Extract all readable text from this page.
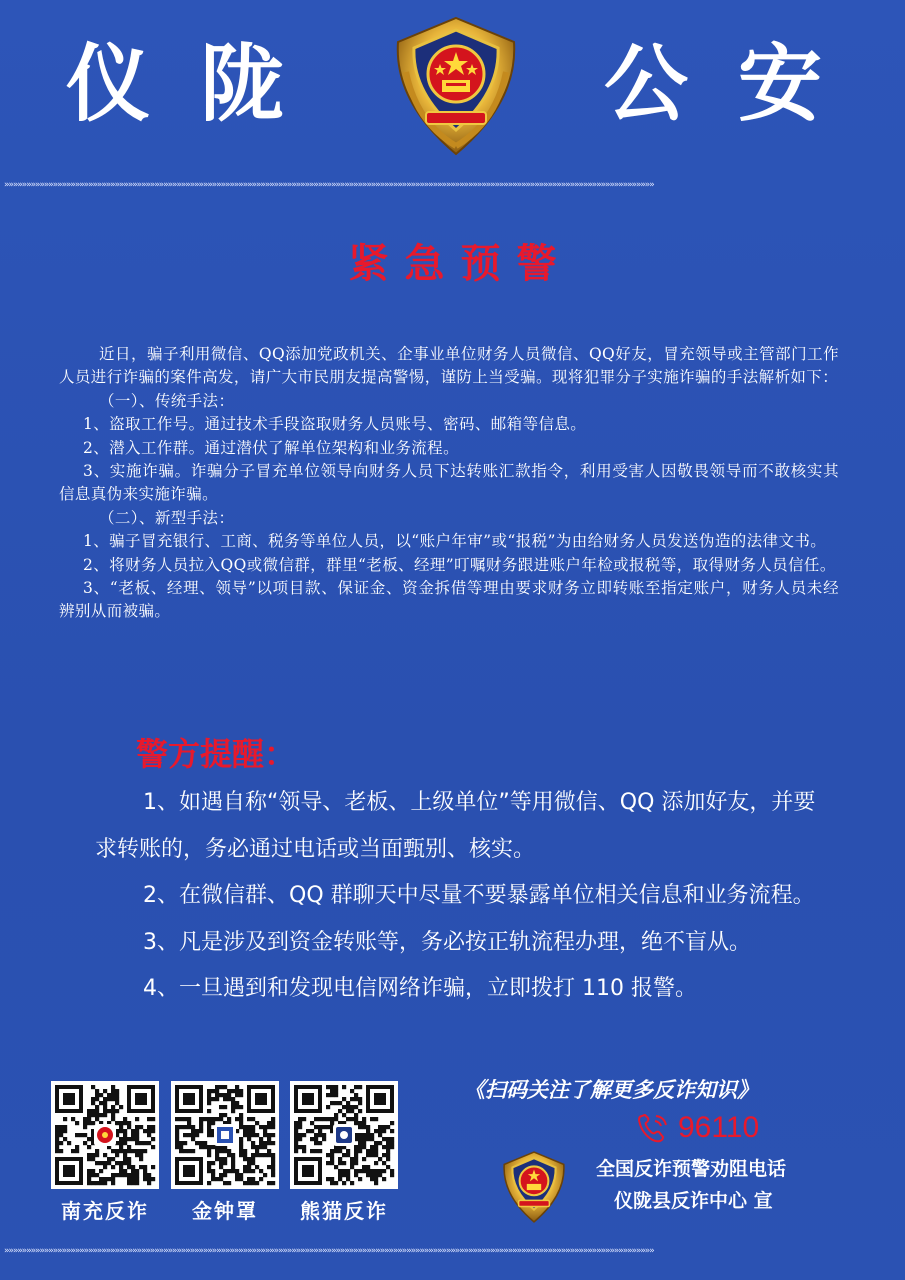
仪 陇	公 安
»»»»»»»»»»»»»»»»»»»»»»»»»»»»»»»»»»»»»»»»»»»»»»»»»»»»»»»»»»»»»»»»»»»»»»»»»»»»»»»»»»»»»»»»»»»»»»»»»»»»»»»»»»»»»»»»»»»»»»»»»»»»»»»»»»»»»»»»»»»»»»»»»»»
紧急预警

近日，骗子利用微信、QQ添加党政机关、企事业单位财务人员微信、QQ好友，冒充领导或主管部门工作人员进行诈骗的案件高发，请广大市民朋友提高警惕，谨防上当受骗。现将犯罪分子实施诈骗的手法解析如下：

（一）、传统手法：

1、盗取工作号。通过技术手段盗取财务人员账号、密码、邮箱等信息。

2、潜入工作群。通过潜伏了解单位架构和业务流程。

3、实施诈骗。诈骗分子冒充单位领导向财务人员下达转账汇款指令，利用受害人因敬畏领导而不敢核实其信息真伪来实施诈骗。

（二）、新型手法：

1、骗子冒充银行、工商、税务等单位人员，以“账户年审”或“报税”为由给财务人员发送伪造的法律文书。

2、将财务人员拉入QQ或微信群，群里“老板、经理”叮嘱财务跟进账户年检或报税等，取得财务人员信任。

3、“老板、经理、领导”以项目款、保证金、资金拆借等理由要求财务立即转账至指定账户，财务人员未经辨别从而被骗。

警方提醒：

1、如遇自称“领导、老板、上级单位”等用微信、QQ 添加好友，并要求转账的，务必通过电话或当面甄别、核实。

2、在微信群、QQ 群聊天中尽量不要暴露单位相关信息和业务流程。

3、凡是涉及到资金转账等，务必按正轨流程办理，绝不盲从。

4、一旦遇到和发现电信网络诈骗，立即拨打 110 报警。

南充反诈	金钟罩	熊猫反诈
《扫码关注了解更多反诈知识》
96110
全国反诈预警劝阻电话
仪陇县反诈中心 宣
»»»»»»»»»»»»»»»»»»»»»»»»»»»»»»»»»»»»»»»»»»»»»»»»»»»»»»»»»»»»»»»»»»»»»»»»»»»»»»»»»»»»»»»»»»»»»»»»»»»»»»»»»»»»»»»»»»»»»»»»»»»»»»»»»»»»»»»»»»»»»»»»»»»
